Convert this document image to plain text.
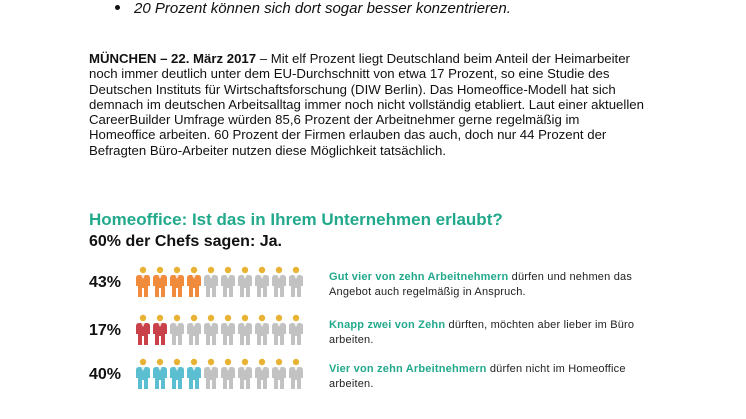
20 Prozent können sich dort sogar besser konzentrieren.
MÜNCHEN – 22. März 2017 – Mit elf Prozent liegt Deutschland beim Anteil der Heimarbeiter noch immer deutlich unter dem EU-Durchschnitt von etwa 17 Prozent, so eine Studie des Deutschen Instituts für Wirtschaftsforschung (DIW Berlin). Das Homeoffice-Modell hat sich demnach im deutschen Arbeitsalltag immer noch nicht vollständig etabliert. Laut einer aktuellen CareerBuilder Umfrage würden 85,6 Prozent der Arbeitnehmer gerne regelmäßig im Homeoffice arbeiten. 60 Prozent der Firmen erlauben das auch, doch nur 44 Prozent der Befragten Büro-Arbeiter nutzen diese Möglichkeit tatsächlich.
Homeoffice: Ist das in Ihrem Unternehmen erlaubt?
60% der Chefs sagen: Ja.
43%	Gut vier von zehn Arbeitnehmern dürfen und nehmen das Angebot auch regelmäßig in Anspruch.
17%	Knapp zwei von Zehn dürften, möchten aber lieber im Büro arbeiten.
40%	Vier von zehn Arbeitnehmern dürfen nicht im Homeoffice arbeiten.
